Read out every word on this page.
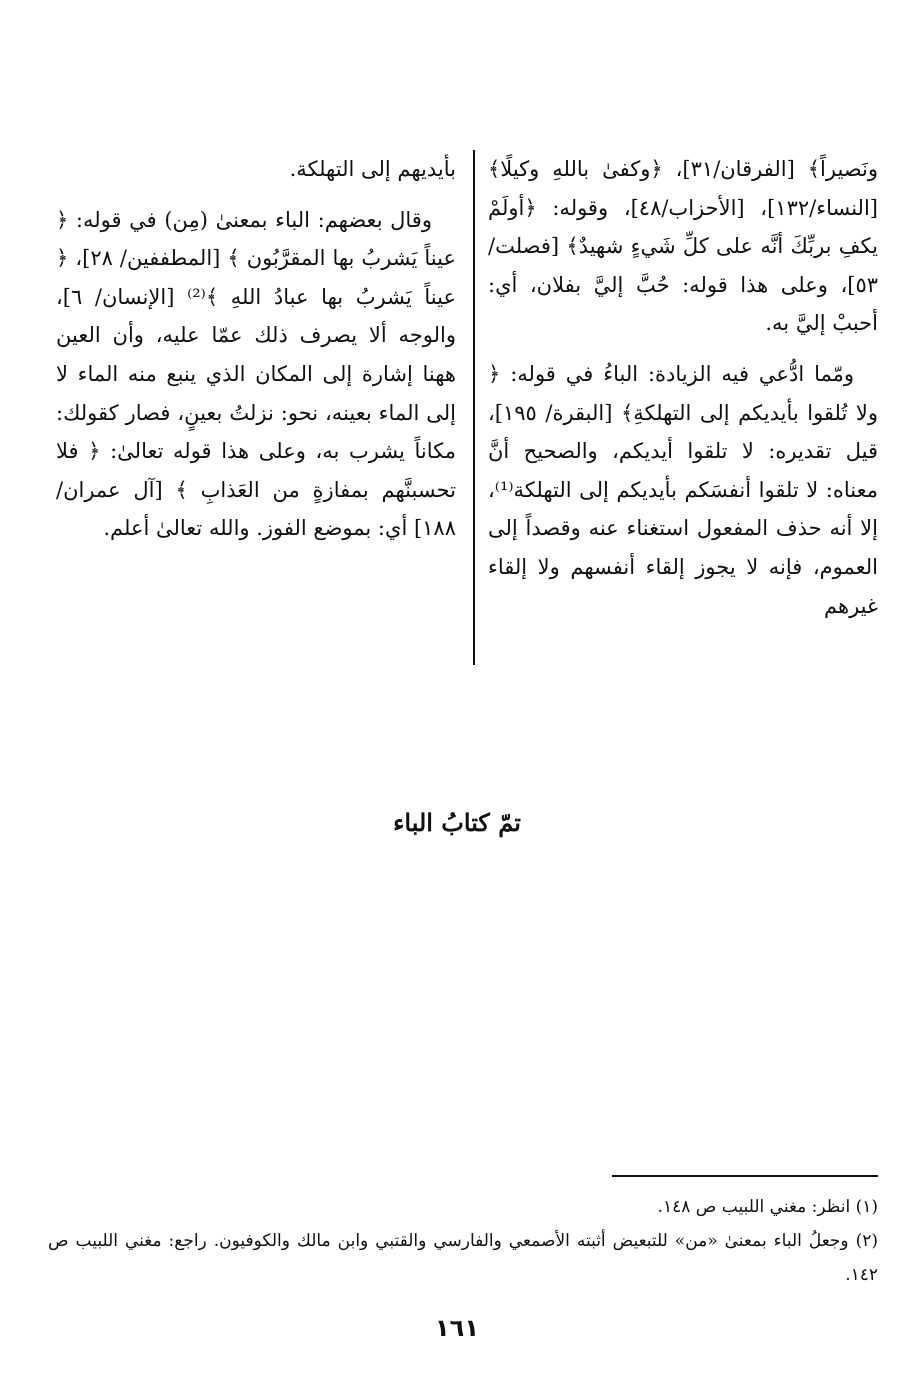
ونَصيراً﴾ [الفرقان/٣١]، ﴿وكفىٰ باللهِ وكيلًا﴾ [النساء/١٣٢]، [الأحزاب/٤٨]، وقوله: ﴿أولَمْ يكفِ بربِّكَ أنَّه على كلِّ شَيءٍ شهيدٌ﴾ [فصلت/٥٣]، وعلى هذا قوله: حُبَّ إليَّ بفلان، أي: أحببْ إليَّ به.

ومّما ادُّعي فيه الزيادة: الباءُ في قوله: ﴿ ولا تُلقوا بأيديكم إلى التهلكةِ﴾ [البقرة/ ١٩٥]، قيل تقديره: لا تلقوا أيديكم، والصحيح أنَّ معناه: لا تلقوا أنفسَكم بأيديكم إلى التهلكة⁽¹⁾، إلا أنه حذف المفعول استغناء عنه وقصداً إلى العموم، فإنه لا يجوز إلقاء أنفسهم ولا إلقاء غيرهم

بأيديهم إلى التهلكة.

وقال بعضهم: الباء بمعنىٰ (مِن) في قوله: ﴿ عيناً يَشربُ بها المقرَّبُون ﴾ [المطففين/ ٢٨]، ﴿ عيناً يَشربُ بها عبادُ اللهِ ﴾⁽²⁾ [الإنسان/ ٦]، والوجه ألا يصرف ذلك عمّا عليه، وأن العين ههنا إشارة إلى المكان الذي ينبع منه الماء لا إلى الماء بعينه، نحو: نزلتُ بعينٍ، فصار كقولك: مكاناً يشرب به، وعلى هذا قوله تعالىٰ: ﴿ فلا تحسبنَّهم بمفازةٍ من العَذابِ ﴾ [آل عمران/ ١٨٨] أي: بموضع الفوز. والله تعالىٰ أعلم.

تمّ كتابُ الباء

(١) انظر: مغني اللبيب ص ١٤٨.

(٢) وجعلُ الباء بمعنىٰ «من» للتبعيض أثبته الأصمعي والفارسي والقتبي وابن مالك والكوفيون. راجع: مغني اللبيب ص ١٤٢.

١٦١
